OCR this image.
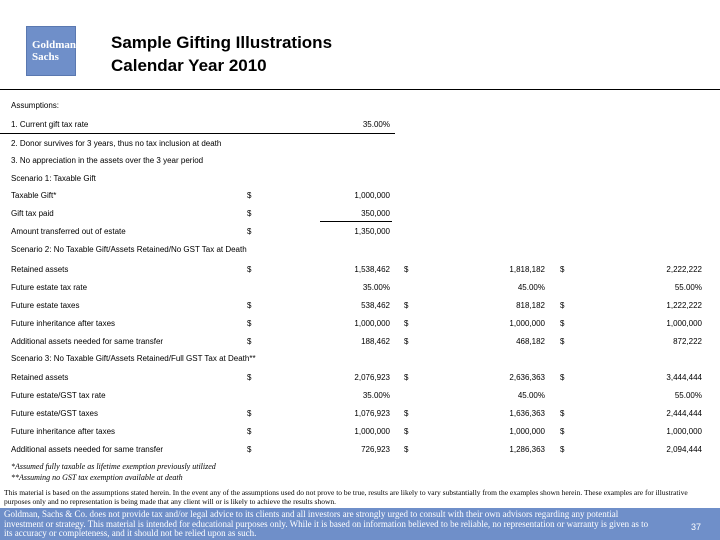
Goldman
Sachs
Sample Gifting Illustrations
Calendar Year 2010
Assumptions:
1. Current gift tax rate	35.00%
2. Donor survives for 3 years, thus no tax inclusion at death
3. No appreciation in the assets over the 3 year period
Scenario 1: Taxable Gift
Taxable Gift*	$	1,000,000
Gift tax paid	$	350,000
Amount transferred out of estate	$	1,350,000
Scenario 2: No Taxable Gift/Assets Retained/No GST Tax at Death
Retained assets	$	1,538,462 $	1,818,182 $	2,222,222
Future estate tax rate	35.00%	45.00%	55.00%
Future estate taxes	$	538,462 $	818,182 $	1,222,222
Future inheritance after taxes	$	1,000,000 $	1,000,000 $	1,000,000
Additional assets needed for same transfer	$	188,462 $	468,182 $	872,222
Scenario 3: No Taxable Gift/Assets Retained/Full GST Tax at Death**
Retained assets	$	2,076,923 $	2,636,363 $	3,444,444
Future estate/GST tax rate	35.00%	45.00%	55.00%
Future estate/GST taxes	$	1,076,923 $	1,636,363 $	2,444,444
Future inheritance after taxes	$	1,000,000 $	1,000,000 $	1,000,000
Additional assets needed for same transfer	$	726,923 $	1,286,363 $	2,094,444
*Assumed fully taxable as lifetime exemption previously utilized
**Assuming no GST tax exemption available at death
This material is based on the assumptions stated herein. In the event any of the assumptions used do not prove to be true, results are likely to vary substantially from the examples shown herein. These examples are for illustrative purposes only and no representation is being made that any client will or is likely to achieve the results shown.
Goldman, Sachs & Co. does not provide tax and/or legal advice to its clients and all investors are strongly urged to consult with their own advisors regarding any potential investment or strategy. This material is intended for educational purposes only. While it is based on information believed to be reliable, no representation or warranty is given as to its accuracy or completeness, and it should not be relied upon as such.
37
